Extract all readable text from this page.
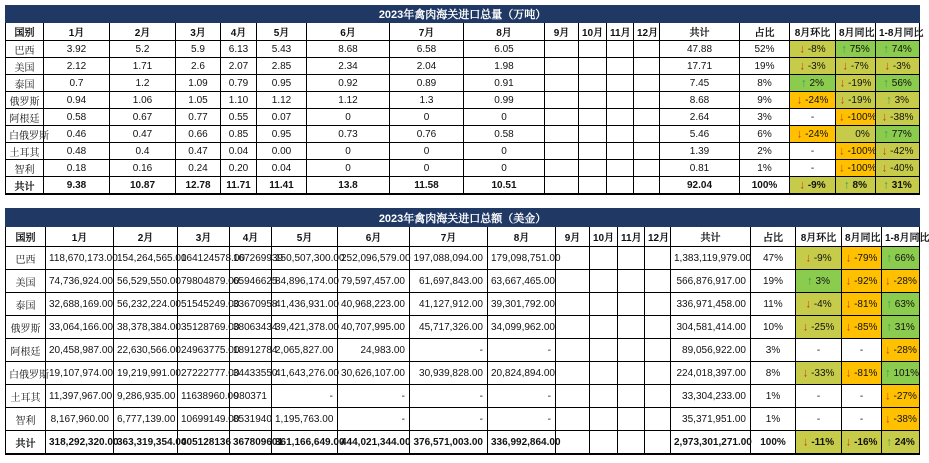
2023年禽肉海关进口总量（万吨）																	
国别	1月	2月	3月	4月	5月	6月	7月	8月	9月	10月	11月	12月	共计	占比	8月环比	8月同比	1-8月同比
巴西	3.92	5.2	5.9	6.13	5.43	8.68	6.58	6.05					47.88	52%	↓ -8%	↑ 75%	↑ 74%
美国	2.12	1.71	2.6	2.07	2.85	2.34	2.04	1.98					17.71	19%	↓ -3%	↓ -7%	↓ -3%
泰国	0.7	1.2	1.09	0.79	0.95	0.92	0.89	0.91					7.45	8%	↑ 2%	↓ -19%	↑ 56%
俄罗斯	0.94	1.06	1.05	1.10	1.12	1.12	1.3	0.99					8.68	9%	↓ -24%	↓ -19%	↑ 3%
阿根廷	0.58	0.67	0.77	0.55	0.07	0	0	0					2.64	3%	-	↓ -100%	↓ -38%
白俄罗斯	0.46	0.47	0.66	0.85	0.95	0.73	0.76	0.58					5.46	6%	↓ -24%	→ 0%	↑ 77%
土耳其	0.48	0.4	0.47	0.04	0.00	0	0	0					1.39	2%	-	↓ -100%	↓ -42%
智利	0.18	0.16	0.24	0.20	0.04	0	0	0					0.81	1%	-	↓ -100%	↓ -40%
共计	9.38	10.87	12.78	11.71	11.41	13.8	11.58	10.51					92.04	100%	↓ -9%	↑ 8%	↑ 31%
2023年禽肉海关进口总额（美金）																	
国别	1月	2月	3月	4月	5月	6月	7月	8月	9月	10月	11月	12月	共计	占比	8月环比	8月同比	1-8月同比
巴西	118,670,173.00	154,264,565.00	164124578.00	167269939	150,507,300.00	252,096,579.00	197,088,094.00	179,098,751.00					1,383,119,979.00	47%	↓ -9%	↓ -79%	↑ 66%
美国	74,736,924.00	56,529,550.00	79804879.00	65946625	84,896,174.00	79,597,457.00	61,697,843.00	63,667,465.00					566,876,917.00	19%	↑ 3%	↓ -92%	↓ -28%
泰国	32,688,169.00	56,232,224.00	51545249.00	33670958	41,436,931.00	40,968,223.00	41,127,912.00	39,301,792.00					336,971,458.00	11%	↓ -4%	↓ -81%	↑ 63%
俄罗斯	33,064,166.00	38,378,384.00	35128769.00	38063434	39,421,378.00	40,707,995.00	45,717,326.00	34,099,962.00					304,581,414.00	10%	↓ -25%	↓ -85%	↑ 31%
阿根廷	20,458,987.00	22,630,566.00	24963775.00	18912784	2,065,827.00	24,983.00	-	-					89,056,922.00	3%	-	-	↓ -28%
白俄罗斯	19,107,974.00	19,219,991.00	27222777.00	34433550	41,643,276.00	30,626,107.00	30,939,828.00	20,824,894.00					224,018,397.00	8%	↓ -33%	↓ -81%	↑ 101%
土耳其	11,397,967.00	9,286,935.00	11638960.00	980371	-	-	-	-					33,304,233.00	1%	-	-	↓ -27%
智利	8,167,960.00	6,777,139.00	10699149.00	8531940	1,195,763.00	-	-	-					35,371,951.00	1%	-	-	↓ -38%
共计	318,292,320.00	363,319,354.00	405128136	367809601	361,166,649.00	444,021,344.00	376,571,003.00	336,992,864.00					2,973,301,271.00	100%	↓ -11%	↓ -16%	↑ 24%
